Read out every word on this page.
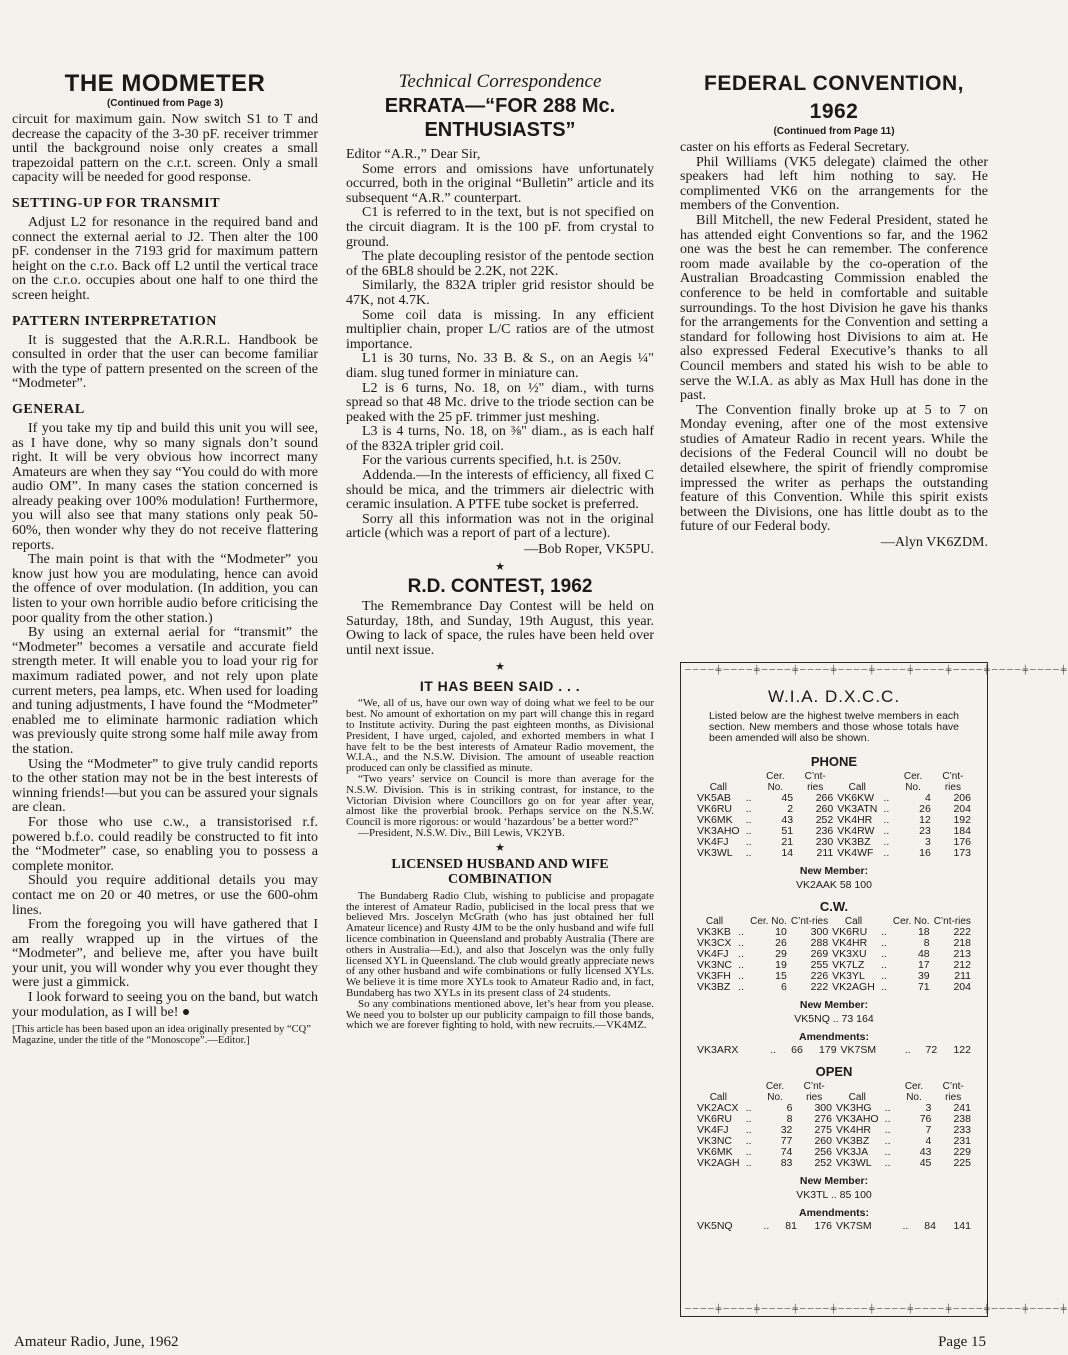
THE MODMETER
(Continued from Page 3)

circuit for maximum gain. Now switch S1 to T and decrease the capacity of the 3-30 pF. receiver trimmer until the background noise only creates a small trapezoidal pattern on the c.r.t. screen. Only a small capacity will be needed for good response.

SETTING-UP FOR TRANSMIT

Adjust L2 for resonance in the required band and connect the external aerial to J2. Then alter the 100 pF. condenser in the 7193 grid for maximum pattern height on the c.r.o. Back off L2 until the vertical trace on the c.r.o. occupies about one half to one third the screen height.

PATTERN INTERPRETATION

It is suggested that the A.R.R.L. Handbook be consulted in order that the user can become familiar with the type of pattern presented on the screen of the “Modmeter”.

GENERAL

If you take my tip and build this unit you will see, as I have done, why so many signals don’t sound right. It will be very obvious how incorrect many Amateurs are when they say “You could do with more audio OM”. In many cases the station concerned is already peaking over 100% modulation! Furthermore, you will also see that many stations only peak 50-60%, then wonder why they do not receive flattering reports.

The main point is that with the “Modmeter” you know just how you are modulating, hence can avoid the offence of over modulation. (In addition, you can listen to your own horrible audio before criticising the poor quality from the other station.)

By using an external aerial for “transmit” the “Modmeter” becomes a versatile and accurate field strength meter. It will enable you to load your rig for maximum radiated power, and not rely upon plate current meters, pea lamps, etc. When used for loading and tuning adjustments, I have found the “Modmeter” enabled me to eliminate harmonic radiation which was previously quite strong some half mile away from the station.

Using the “Modmeter” to give truly candid reports to the other station may not be in the best interests of winning friends!—but you can be assured your signals are clean.

For those who use c.w., a transistorised r.f. powered b.f.o. could readily be constructed to fit into the “Modmeter” case, so enabling you to possess a complete monitor.

Should you require additional details you may contact me on 20 or 40 metres, or use the 600-ohm lines.

From the foregoing you will have gathered that I am really wrapped up in the virtues of the “Modmeter”, and believe me, after you have built your unit, you will wonder why you ever thought they were just a gimmick.

I look forward to seeing you on the band, but watch your modulation, as I will be! ●

[This article has been based upon an idea originally presented by “CQ” Magazine, under the title of the “Monoscope”.—Editor.]

Technical Correspondence
ERRATA—“FOR 288 Mc. ENTHUSIASTS”

Editor “A.R.,” Dear Sir,

Some errors and omissions have unfortunately occurred, both in the original “Bulletin” article and its subsequent “A.R.” counterpart.

C1 is referred to in the text, but is not specified on the circuit diagram. It is the 100 pF. from crystal to ground.

The plate decoupling resistor of the pentode section of the 6BL8 should be 2.2K, not 22K.

Similarly, the 832A tripler grid resistor should be 47K, not 4.7K.

Some coil data is missing. In any efficient multiplier chain, proper L/C ratios are of the utmost importance.

L1 is 30 turns, No. 33 B. & S., on an Aegis ¼" diam. slug tuned former in miniature can.

L2 is 6 turns, No. 18, on ½" diam., with turns spread so that 48 Mc. drive to the triode section can be peaked with the 25 pF. trimmer just meshing.

L3 is 4 turns, No. 18, on ⅜" diam., as is each half of the 832A tripler grid coil.

For the various currents specified, h.t. is 250v.

Addenda.—In the interests of efficiency, all fixed C should be mica, and the trimmers air dielectric with ceramic insulation. A PTFE tube socket is preferred.

Sorry all this information was not in the original article (which was a report of part of a lecture).

—Bob Roper, VK5PU.
★
R.D. CONTEST, 1962

The Remembrance Day Contest will be held on Saturday, 18th, and Sunday, 19th August, this year. Owing to lack of space, the rules have been held over until next issue.

★
IT HAS BEEN SAID . . .

“We, all of us, have our own way of doing what we feel to be our best. No amount of exhortation on my part will change this in regard to Institute activity. During the past eighteen months, as Divisional President, I have urged, cajoled, and exhorted members in what I have felt to be the best interests of Amateur Radio movement, the W.I.A., and the N.S.W. Division. The amount of useable reaction produced can only be classified as minute.

“Two years’ service on Council is more than average for the N.S.W. Division. This is in striking contrast, for instance, to the Victorian Division where Councillors go on for year after year, almost like the proverbial brook. Perhaps service on the N.S.W. Council is more rigorous: or would ‘hazardous’ be a better word?”

—President, N.S.W. Div., Bill Lewis, VK2YB.

★
LICENSED HUSBAND AND WIFE COMBINATION

The Bundaberg Radio Club, wishing to publicise and propagate the interest of Amateur Radio, publicised in the local press that we believed Mrs. Joscelyn McGrath (who has just obtained her full Amateur licence) and Rusty 4JM to be the only husband and wife full licence combination in Queensland and probably Australia (There are others in Australia—Ed.), and also that Joscelyn was the only fully licensed XYL in Queensland. The club would greatly appreciate news of any other husband and wife combinations or fully licensed XYLs. We believe it is time more XYLs took to Amateur Radio and, in fact, Bundaberg has two XYLs in its present class of 24 students.

So any combinations mentioned above, let’s hear from you please. We need you to bolster up our publicity campaign to fill those bands, which we are forever fighting to hold, with new recruits.—VK4MZ.

FEDERAL CONVENTION, 1962
(Continued from Page 11)

caster on his efforts as Federal Secretary.

Phil Williams (VK5 delegate) claimed the other speakers had left him nothing to say. He complimented VK6 on the arrangements for the members of the Convention.

Bill Mitchell, the new Federal President, stated he has attended eight Conventions so far, and the 1962 one was the best he can remember. The conference room made available by the co-operation of the Australian Broadcasting Commission enabled the conference to be held in comfortable and suitable surroundings. To the host Division he gave his thanks for the arrangements for the Convention and setting a standard for following host Divisions to aim at. He also expressed Federal Executive’s thanks to all Council members and stated his wish to be able to serve the W.I.A. as ably as Max Hull has done in the past.

The Convention finally broke up at 5 to 7 on Monday evening, after one of the most extensive studies of Amateur Radio in recent years. While the decisions of the Federal Council will no doubt be detailed elsewhere, the spirit of friendly compromise impressed the writer as perhaps the outstanding feature of this Convention. While this spirit exists between the Divisions, one has little doubt as to the future of our Federal body.

—Alyn VK6ZDM.
────╪────╪────╪────╪────╪────╪────╪────╪────╪────╪
W.I.A. D.X.C.C.
Listed below are the highest twelve members in each section. New members and those whose totals have been amended will also be shown.
PHONE
Call		Cer. No.	C’nt-ries	Call		Cer. No.	C’nt-ries
VK5AB	..	45	266	VK6KW	..	4	206
VK6RU	..	2	260	VK3ATN	..	26	204
VK6MK	..	43	252	VK4HR	..	12	192
VK3AHO	..	51	236	VK4RW	..	23	184
VK4FJ	..	21	230	VK3BZ	..	3	176
VK3WL	..	14	211	VK4WF	..	16	173
New Member:
VK2AAK 58 100
C.W.
Call		Cer. No.	C’nt-ries	Call		Cer. No.	C’nt-ries
VK3KB	..	10	300	VK6RU	..	18	222
VK3CX	..	26	288	VK4HR	..	8	218
VK4FJ	..	29	269	VK3XU	..	48	213
VK3NC	..	19	255	VK7LZ	..	17	212
VK3FH	..	15	226	VK3YL	..	39	211
VK3BZ	..	6	222	VK2AGH	..	71	204
New Member:
VK5NQ .. 73 164
Amendments:
VK3ARX	..	66	179	VK7SM	..	72	122
OPEN
Call		Cer. No.	C’nt-ries	Call		Cer. No.	C’nt-ries
VK2ACX	..	6	300	VK3HG	..	3	241
VK6RU	..	8	276	VK3AHO	..	76	238
VK4FJ	..	32	275	VK4HR	..	7	233
VK3NC	..	77	260	VK3BZ	..	4	231
VK6MK	..	74	256	VK3JA	..	43	229
VK2AGH	..	83	252	VK3WL	..	45	225
New Member:
VK3TL .. 85 100
Amendments:
VK5NQ	..	81	176	VK7SM	..	84	141
────╪────╪────╪────╪────╪────╪────╪────╪────╪────╪
Amateur Radio, June, 1962	Page 15
